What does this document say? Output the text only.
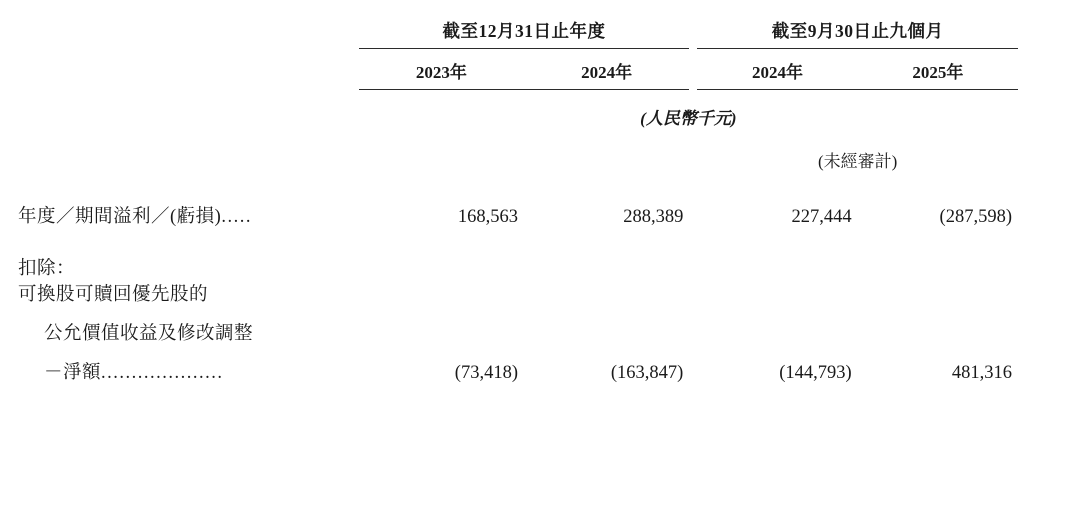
	截至12月31日止年度			截至9月30日止九個月	
	2023年	2024年		2024年	2025年
	(人民幣千元)				
				(未經審計)	
年度／期間溢利／(虧損).....	168,563	288,389		227,444	(287,598)

扣除：
可換股可贖回優先股的
公允價值收益及修改調整
－淨額....................	(73,418)	(163,847)		(144,793)	481,316
